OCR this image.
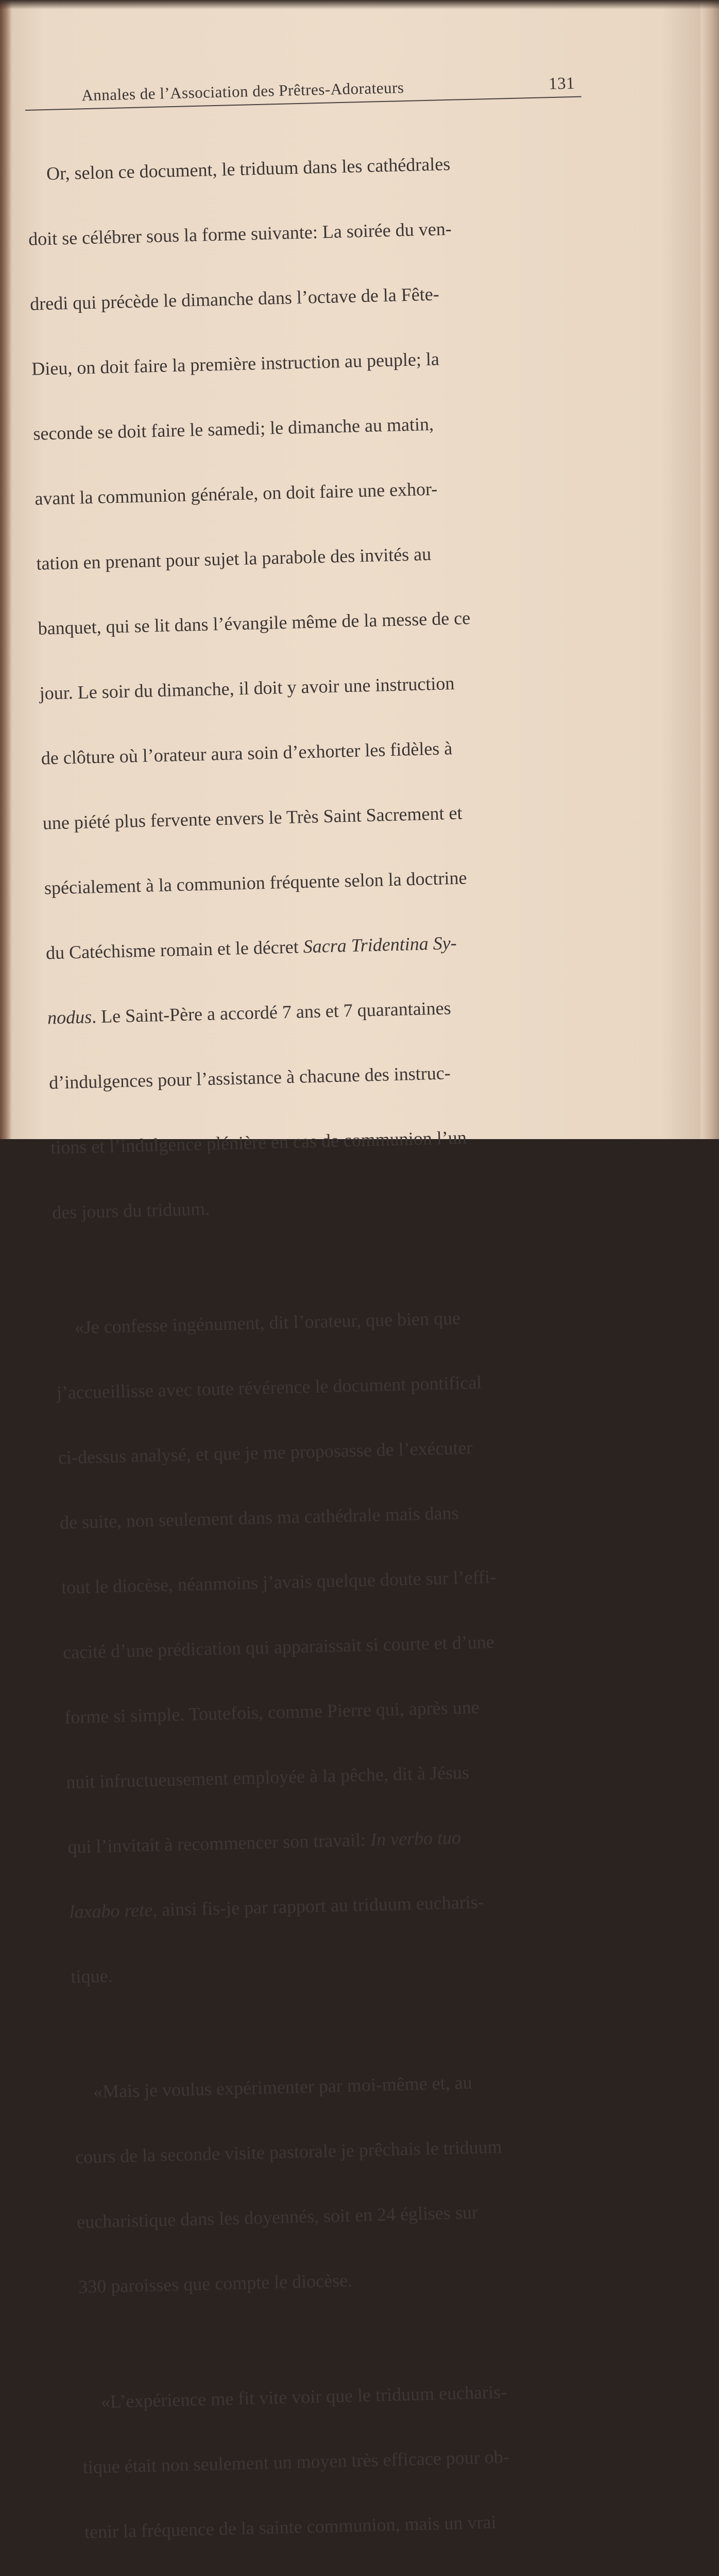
Annales de l’Association des Prêtres-Adorateurs	131

Or, selon ce document, le triduum dans les cathédrales

doit se célébrer sous la forme suivante: La soirée du ven-

dredi qui précède le dimanche dans l’octave de la Fête-

Dieu, on doit faire la première instruction au peuple; la

seconde se doit faire le samedi; le dimanche au matin,

avant la communion générale, on doit faire une exhor-

tation en prenant pour sujet la parabole des invités au

banquet, qui se lit dans l’évangile même de la messe de ce

jour. Le soir du dimanche, il doit y avoir une instruction

de clôture où l’orateur aura soin d’exhorter les fidèles à

une piété plus fervente envers le Très Saint Sacrement et

spécialement à la communion fréquente selon la doctrine

du Catéchisme romain et le décret Sacra Tridentina Sy-

nodus. Le Saint-Père a accordé 7 ans et 7 quarantaines

d’indulgences pour l’assistance à chacune des instruc-

tions et l’indulgence plénière en cas de communion l’un

des jours du triduum.

«Je confesse ingénument, dit l’orateur, que bien que

j’accueillisse avec toute révérence le document pontifical

ci-dessus analysé, et que je me proposasse de l’exécuter

de suite, non seulement dans ma cathédrale mais dans

tout le diocèse, néanmoins j’avais quelque doute sur l’effi-

cacité d’une prédication qui apparaissait si courte et d’une

forme si simple. Toutefois, comme Pierre qui, après une

nuit infructueusement employée à la pêche, dit à Jésus

qui l’invitait à recommencer son travail: In verbo tuo

laxabo rete, ainsi fis-je par rapport au triduum eucharis-

tique.

«Mais je voulus expérimenter par moi-même et, au

cours de la seconde visite pastorale je prêchais le triduum

eucharistique dans les doyennés, soit en 24 églises sur

330 paroisses que compte le diocèse.

«L’expérience me fit vite voir que le triduum eucharis-

tique était non seulement un moyen très efficace pour ob-

tenir la fréquence de la sainte communion, mais un vrai
